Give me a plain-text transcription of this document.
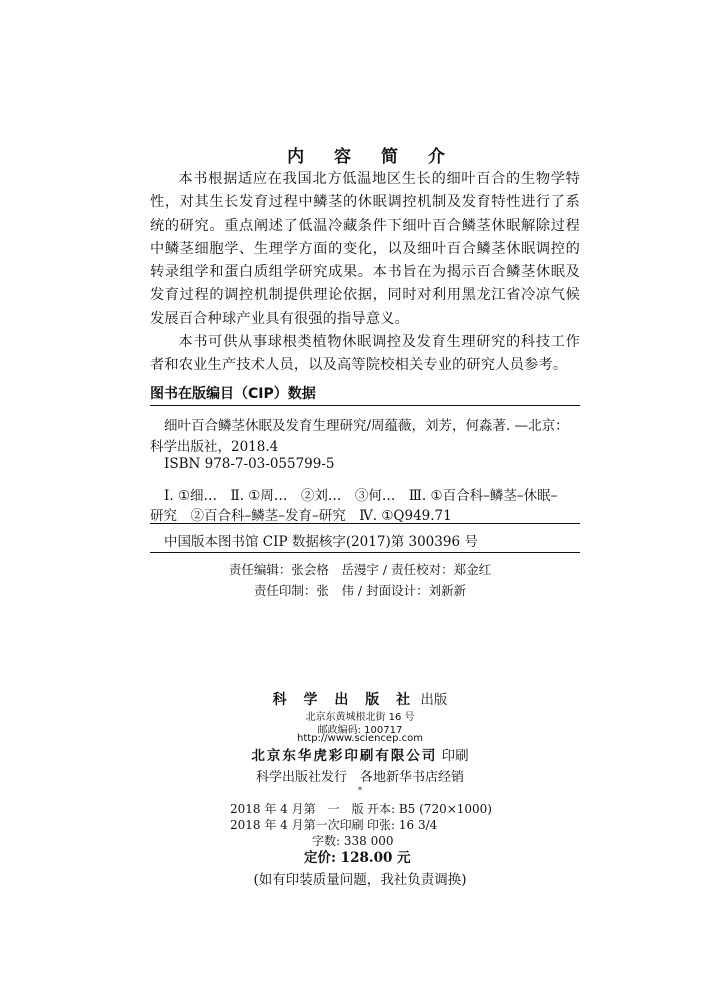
内 容 简 介

本书根据适应在我国北方低温地区生长的细叶百合的生物学特性，对其生长发育过程中鳞茎的休眠调控机制及发育特性进行了系统的研究。重点阐述了低温冷藏条件下细叶百合鳞茎休眠解除过程中鳞茎细胞学、生理学方面的变化，以及细叶百合鳞茎休眠调控的转录组学和蛋白质组学研究成果。本书旨在为揭示百合鳞茎休眠及发育过程的调控机制提供理论依据，同时对利用黑龙江省冷凉气候发展百合种球产业具有很强的指导意义。

本书可供从事球根类植物休眠调控及发育生理研究的科技工作者和农业生产技术人员，以及高等院校相关专业的研究人员参考。

图书在版编目（CIP）数据
细叶百合鳞茎休眠及发育生理研究/周蕴薇，刘芳，何淼著. —北京：
科学出版社，2018.4
ISBN 978-7-03-055799-5
Ⅰ. ①细…　Ⅱ. ①周…　②刘…　③何…　Ⅲ. ①百合科–鳞茎–休眠–
研究　②百合科–鳞茎–发育–研究　Ⅳ. ①Q949.71
中国版本图书馆 CIP 数据核字(2017)第 300396 号
责任编辑：张会格　岳漫宇 / 责任校对：郑金红
责任印制：张　伟 / 封面设计：刘新新
科 学 出 版 社 出版
北京东黄城根北街 16 号
邮政编码: 100717
http://www.sciencep.com
北京东华虎彩印刷有限公司 印刷
科学出版社发行　各地新华书店经销
*
2018 年 4 月第　一　版 开本: B5 (720×1000)
2018 年 4 月第一次印刷 印张: 16 3/4
字数: 338 000
定价: 128.00 元
(如有印装质量问题，我社负责调换)
